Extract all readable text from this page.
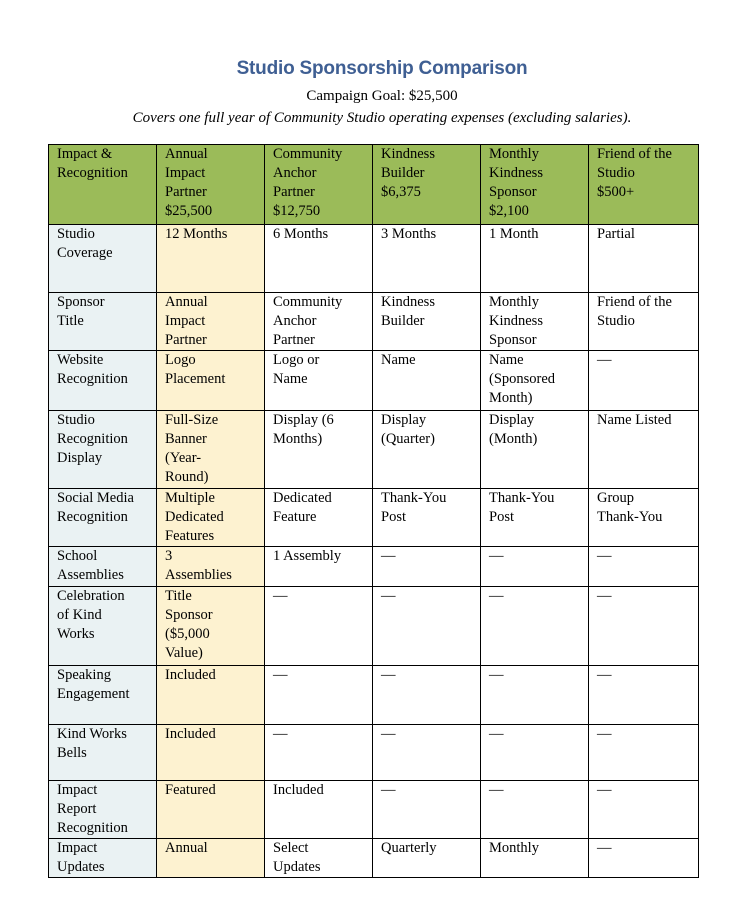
Studio Sponsorship Comparison
Campaign Goal: $25,500
Covers one full year of Community Studio operating expenses (excluding salaries).
Impact &
Recognition	Annual
Impact
Partner
$25,500	Community
Anchor
Partner
$12,750	Kindness
Builder
$6,375	Monthly
Kindness
Sponsor
$2,100	Friend of the
Studio
$500+
Studio
Coverage	12 Months	6 Months	3 Months	1 Month	Partial
Sponsor
Title	Annual
Impact
Partner	Community
Anchor
Partner	Kindness
Builder	Monthly
Kindness
Sponsor	Friend of the
Studio
Website
Recognition	Logo
Placement	Logo or
Name	Name	Name
(Sponsored
Month)	—
Studio
Recognition
Display	Full-Size
Banner
(Year-
Round)	Display (6
Months)	Display
(Quarter)	Display
(Month)	Name Listed
Social Media
Recognition	Multiple
Dedicated
Features	Dedicated
Feature	Thank-You
Post	Thank-You
Post	Group
Thank-You
School
Assemblies	3
Assemblies	1 Assembly	—	—	—
Celebration
of Kind
Works	Title
Sponsor
($5,000
Value)	—	—	—	—
Speaking
Engagement	Included	—	—	—	—
Kind Works
Bells	Included	—	—	—	—
Impact
Report
Recognition	Featured	Included	—	—	—
Impact
Updates	Annual	Select
Updates	Quarterly	Monthly	—
